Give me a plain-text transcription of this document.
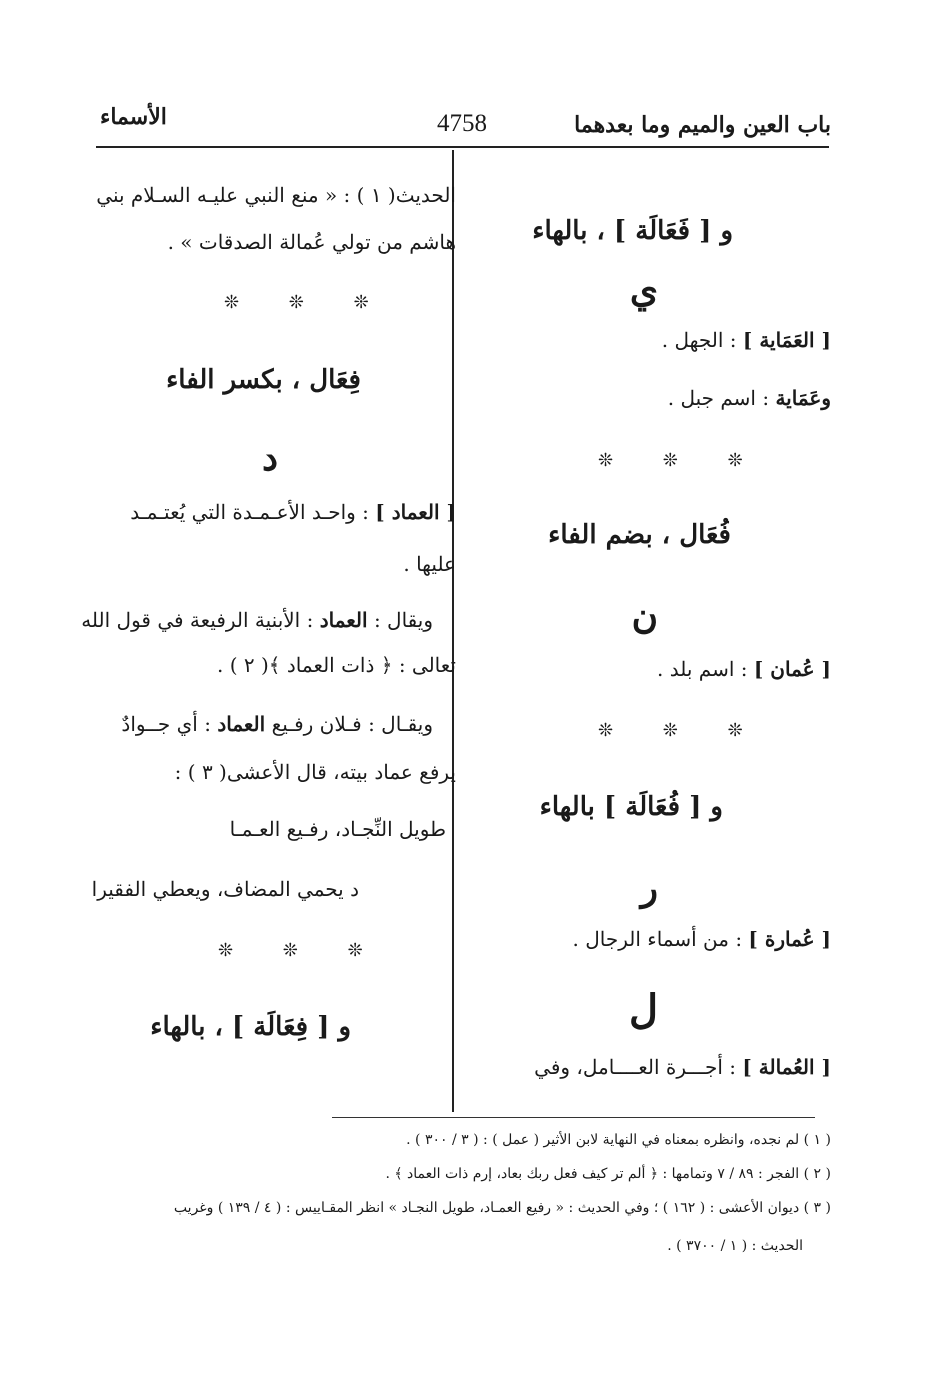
باب العين والميم وما بعدهما
4758
الأسماء
و [ فَعَالَة ] ، بالهاء
ي
[ العَمَاية ] : الجهل .
وعَمَاية : اسم جبل .
❊ ❊ ❊
فُعَال ، بضم الفاء
ن
[ عُمان ] : اسم بلد .
❊ ❊ ❊
و [ فُعَالَة ] بالهاء
ر
[ عُمارة ] : من أسماء الرجال .
ل
[ العُمالة ] : أجـــرة العــــامل، وفي
الحديث( ١ ) : « منع النبي عليـه السـلام بني
هاشم من تولي عُمالة الصدقات » .
❊ ❊ ❊
فِعَال ، بكسر الفاء
د
[ العماد ] : واحـد الأعـمـدة التي يُعتـمـد
عليها .
ويقال : العماد : الأبنية الرفيعة في قول الله
تعالى : ﴿ ذات العماد ﴾( ٢ ) .
ويقـال : فـلان رفـيع العماد : أي جــوادٌ
يرفع عماد بيته، قال الأعشى( ٣ ) :
طويل النِّجـاد، رفـيع العـمـا
د يحمي المضاف، ويعطي الفقيرا
❊ ❊ ❊
و [ فِعَالَة ] ، بالهاء
( ١ ) لم نجده، وانظره بمعناه في النهاية لابن الأثير ( عمل ) : ( ٣ / ٣٠٠ ) .
( ٢ ) الفجر : ٨٩ / ٧ وتمامها : ﴿ ألم تر كيف فعل ربك بعاد، إرم ذات العماد ﴾ .
( ٣ ) ديوان الأعشى : ( ١٦٢ ) ؛ وفي الحديث : « رفيع العمـاد، طويل النجـاد » انظر المقـاييس : ( ٤ / ١٣٩ ) وغريب
الحديث : ( ١ / ٣٧٠٠ ) .
